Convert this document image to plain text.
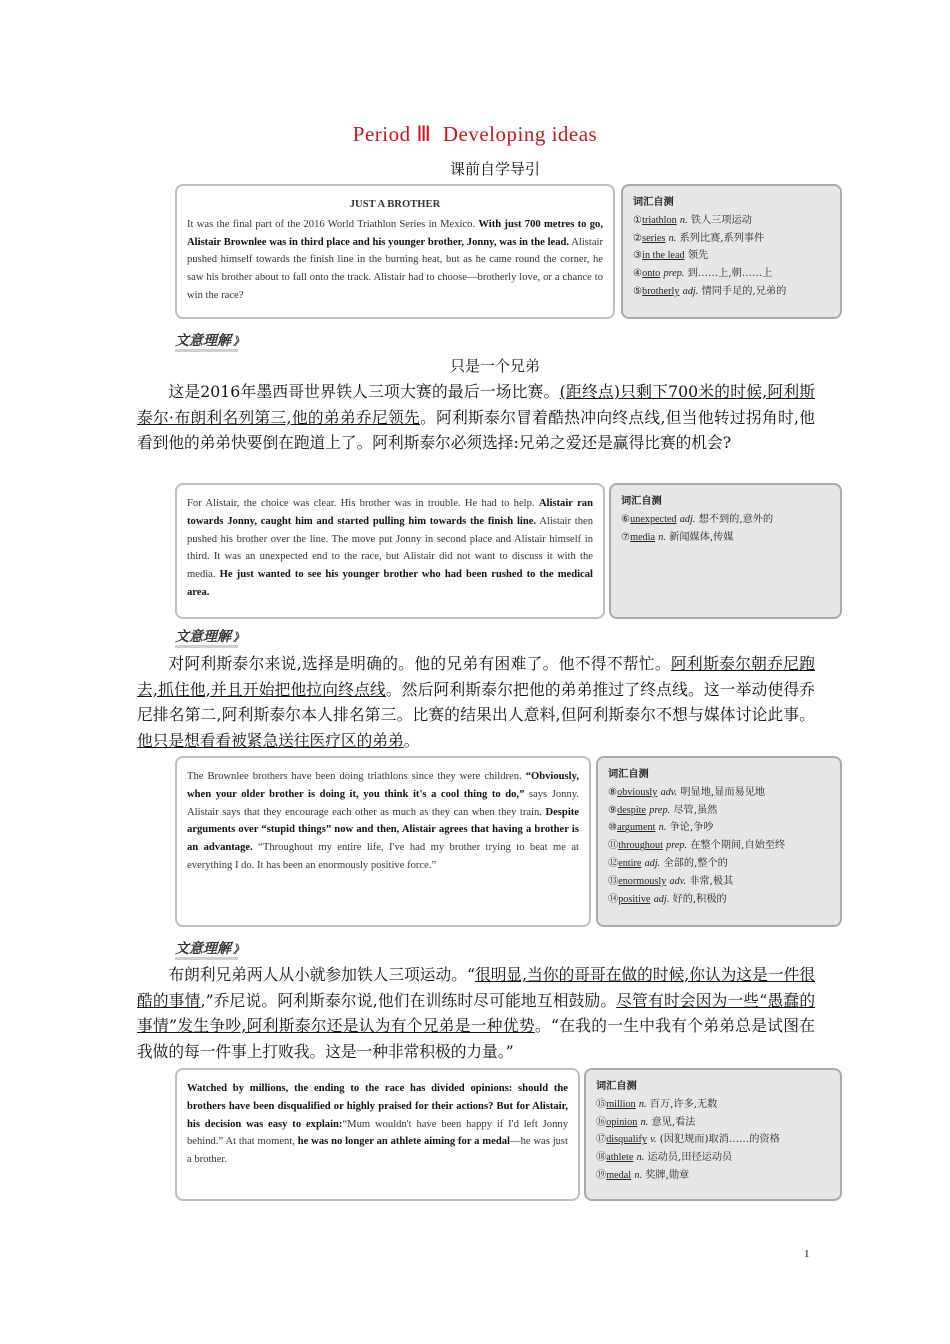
Period Ⅲ  Developing ideas
课前自学导引
JUST A BROTHER
It was the final part of the 2016 World Triathlon Series in Mexico. With just 700 metres to go, Alistair Brownlee was in third place and his younger brother, Jonny, was in the lead. Alistair pushed himself towards the finish line in the burning heat, but as he came round the corner, he saw his brother about to fall onto the track. Alistair had to choose—brotherly love, or a chance to win the race?
词汇自测
①triathlon n. 铁人三项运动
②series n. 系列比赛,系列事件
③in the lead 领先
④onto prep. 到……上,朝……上
⑤brotherly adj. 情同手足的,兄弟的
文意理解 》
只是一个兄弟

这是2016年墨西哥世界铁人三项大赛的最后一场比赛。(距终点)只剩下700米的时候,阿利斯泰尔·布朗利名列第三,他的弟弟乔尼领先。阿利斯泰尔冒着酷热冲向终点线,但当他转过拐角时,他看到他的弟弟快要倒在跑道上了。阿利斯泰尔必须选择:兄弟之爱还是赢得比赛的机会?

For Alistair, the choice was clear. His brother was in trouble. He had to help. Alistair ran towards Jonny, caught him and started pulling him towards the finish line. Alistair then pushed his brother over the line. The move put Jonny in second place and Alistair himself in third. It was an unexpected end to the race, but Alistair did not want to discuss it with the media. He just wanted to see his younger brother who had been rushed to the medical area.
词汇自测
⑥unexpected adj. 想不到的,意外的
⑦media n. 新闻媒体,传媒
文意理解 》

对阿利斯泰尔来说,选择是明确的。他的兄弟有困难了。他不得不帮忙。阿利斯泰尔朝乔尼跑去,抓住他,并且开始把他拉向终点线。然后阿利斯泰尔把他的弟弟推过了终点线。这一举动使得乔尼排名第二,阿利斯泰尔本人排名第三。比赛的结果出人意料,但阿利斯泰尔不想与媒体讨论此事。他只是想看看被紧急送往医疗区的弟弟。

The Brownlee brothers have been doing triathlons since they were children. “Obviously, when your older brother is doing it, you think it's a cool thing to do,” says Jonny. Alistair says that they encourage each other as much as they can when they train. Despite arguments over “stupid things” now and then, Alistair agrees that having a brother is an advantage. “Throughout my entire life, I've had my brother trying to beat me at everything I do. It has been an enormously positive force.”
词汇自测
⑧obviously adv. 明显地,显而易见地
⑨despite prep. 尽管,虽然
⑩argument n. 争论,争吵
⑪throughout prep. 在整个期间,自始至终
⑫entire adj. 全部的,整个的
⑬enormously adv. 非常,极其
⑭positive adj. 好的,积极的
文意理解 》

布朗利兄弟两人从小就参加铁人三项运动。“很明显,当你的哥哥在做的时候,你认为这是一件很酷的事情,”乔尼说。阿利斯泰尔说,他们在训练时尽可能地互相鼓励。尽管有时会因为一些“愚蠢的事情”发生争吵,阿利斯泰尔还是认为有个兄弟是一种优势。“在我的一生中我有个弟弟总是试图在我做的每一件事上打败我。这是一种非常积极的力量。”

Watched by millions, the ending to the race has divided opinions: should the brothers have been disqualified or highly praised for their actions? But for Alistair, his decision was easy to explain:“Mum wouldn't have been happy if I'd left Jonny behind.” At that moment, he was no longer an athlete aiming for a medal—he was just a brother.
词汇自测
⑮million n. 百万,许多,无数
⑯opinion n. 意见,看法
⑰disqualify v. (因犯规而)取消……的资格
⑱athlete n. 运动员,田径运动员
⑲medal n. 奖牌,勋章
1
